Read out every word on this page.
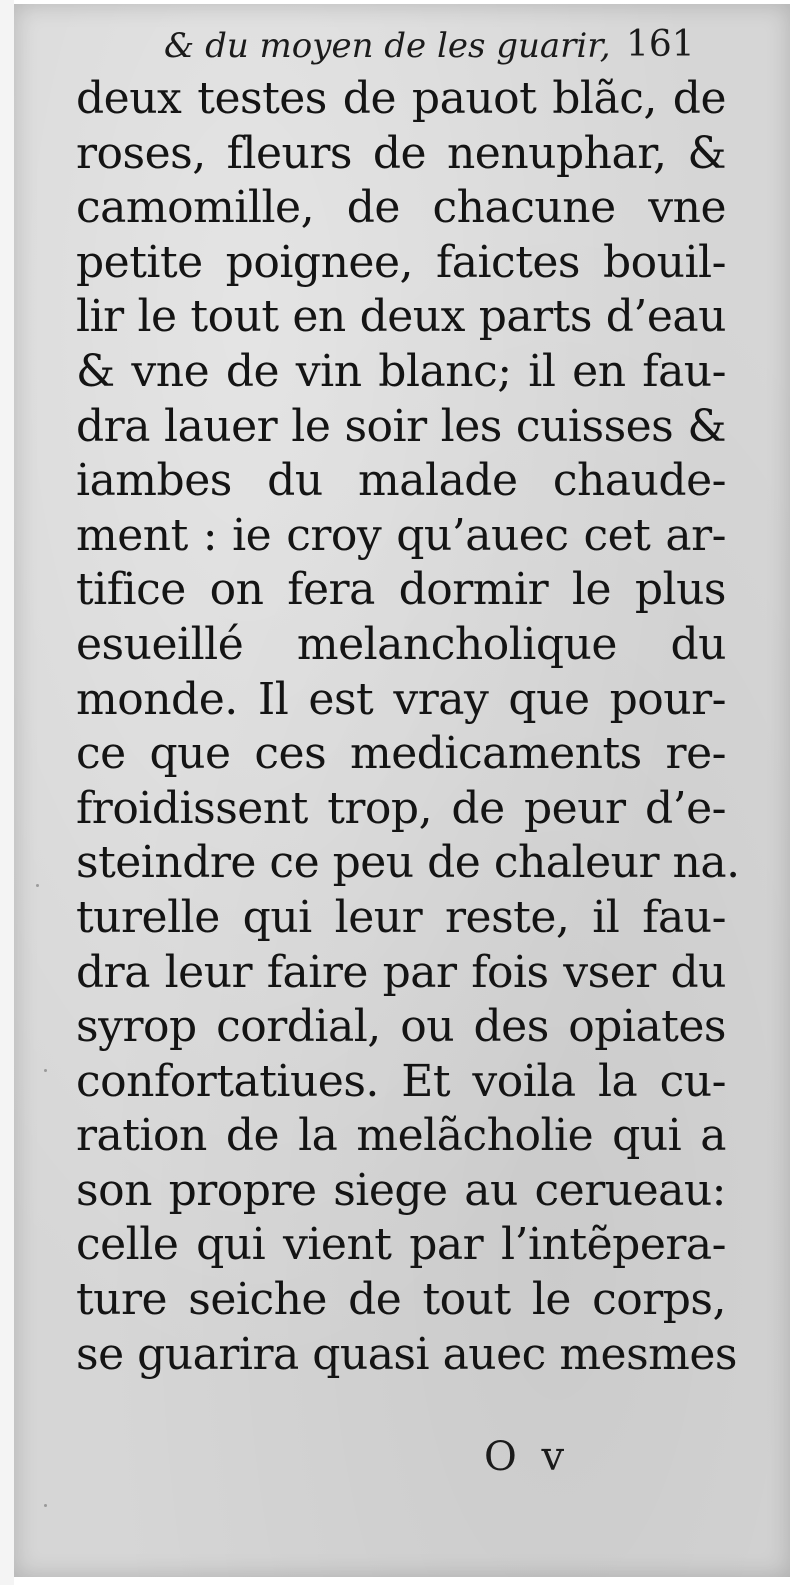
& du moyen de les guarir, 161
deux testes de pauot blãc, de
roses, fleurs de nenuphar, &
camomille, de chacune vne
petite poignee, faictes bouil-
lir le tout en deux parts d’eau
& vne de vin blanc; il en fau-
dra lauer le soir les cuisses &
iambes du malade chaude-
ment : ie croy qu’auec cet ar-
tifice on fera dormir le plus
esueillé melancholique du
monde. Il est vray que pour-
ce que ces medicaments re-
froidissent trop, de peur d’e-
steindre ce peu de chaleur na.
turelle qui leur reste, il fau-
dra leur faire par fois vser du
syrop cordial, ou des opiates
confortatiues. Et voila la cu-
ration de la melãcholie qui a
son propre siege au cerueau:
celle qui vient par l’intẽpera-
ture seiche de tout le corps,
se guarira quasi auec mesmes
O v
